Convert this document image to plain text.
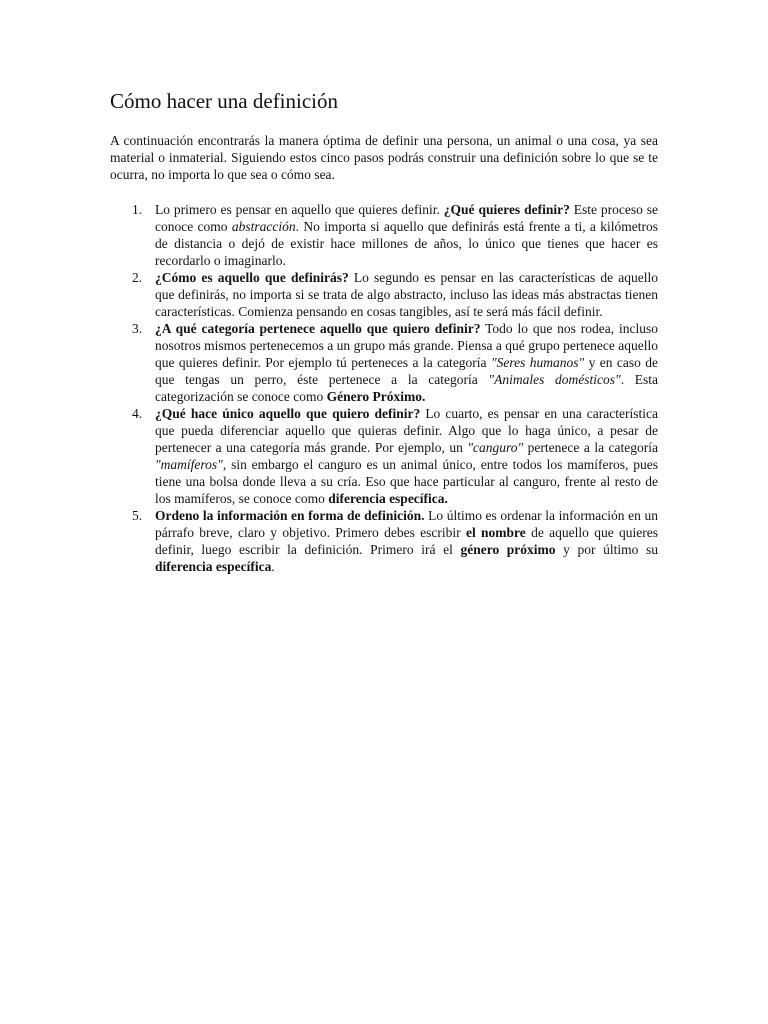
Cómo hacer una definición

A continuación encontrarás la manera óptima de definir una persona, un animal o una cosa, ya sea material o inmaterial. Siguiendo estos cinco pasos podrás construir una definición sobre lo que se te ocurra, no importa lo que sea o cómo sea.

1. Lo primero es pensar en aquello que quieres definir. ¿Qué quieres definir? Este proceso se conoce como abstracción. No importa si aquello que definirás está frente a ti, a kilómetros de distancia o dejó de existir hace millones de años, lo único que tienes que hacer es recordarlo o imaginarlo.
2. ¿Cómo es aquello que definirás? Lo segundo es pensar en las características de aquello que definirás, no importa si se trata de algo abstracto, incluso las ideas más abstractas tienen características. Comienza pensando en cosas tangibles, así te será más fácil definir.
3. ¿A qué categoría pertenece aquello que quiero definir? Todo lo que nos rodea, incluso nosotros mismos pertenecemos a un grupo más grande. Piensa a qué grupo pertenece aquello que quieres definir. Por ejemplo tú perteneces a la categoría "Seres humanos" y en caso de que tengas un perro, éste pertenece a la categoría "Animales domésticos". Esta categorización se conoce como Género Próximo.
4. ¿Qué hace único aquello que quiero definir? Lo cuarto, es pensar en una característica que pueda diferenciar aquello que quieras definir. Algo que lo haga único, a pesar de pertenecer a una categoría más grande. Por ejemplo, un "canguro" pertenece a la categoría "mamíferos", sin embargo el canguro es un animal único, entre todos los mamíferos, pues tiene una bolsa donde lleva a su cría. Eso que hace particular al canguro, frente al resto de los mamíferos, se conoce como diferencia específica.
5. Ordeno la información en forma de definición. Lo último es ordenar la información en un párrafo breve, claro y objetivo. Primero debes escribir el nombre de aquello que quieres definir, luego escribir la definición. Primero irá el género próximo y por último su diferencia específica.
